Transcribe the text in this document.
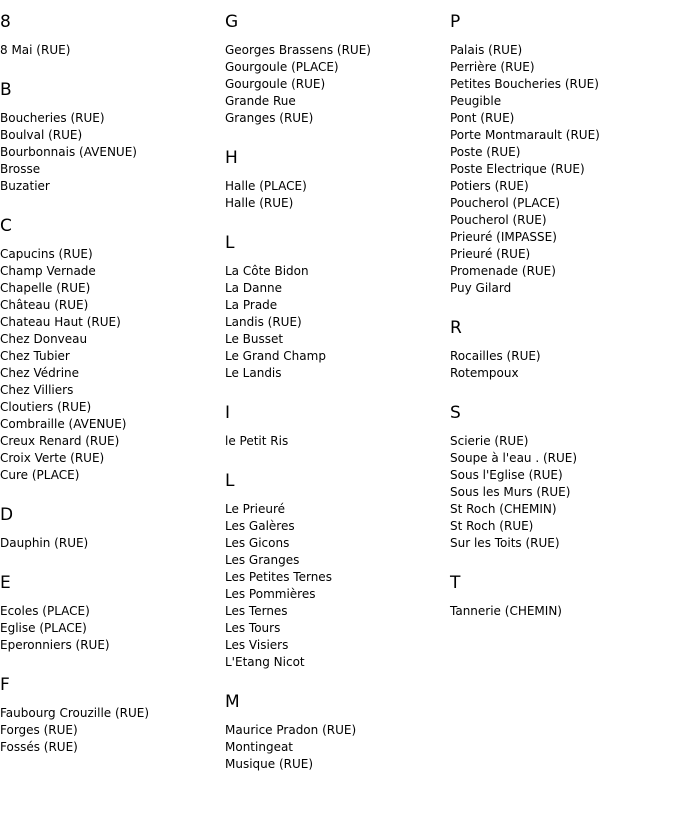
8
8 Mai (RUE)
B
Boucheries (RUE)
Boulval (RUE)
Bourbonnais (AVENUE)
Brosse
Buzatier
C
Capucins (RUE)
Champ Vernade
Chapelle (RUE)
Château (RUE)
Chateau Haut (RUE)
Chez Donveau
Chez Tubier
Chez Védrine
Chez Villiers
Cloutiers (RUE)
Combraille (AVENUE)
Creux Renard (RUE)
Croix Verte (RUE)
Cure (PLACE)
D
Dauphin (RUE)
E
Ecoles (PLACE)
Eglise (PLACE)
Eperonniers (RUE)
F
Faubourg Crouzille (RUE)
Forges (RUE)
Fossés (RUE)
G
Georges Brassens (RUE)
Gourgoule (PLACE)
Gourgoule (RUE)
Grande Rue
Granges (RUE)
H
Halle (PLACE)
Halle (RUE)
L
La Côte Bidon
La Danne
La Prade
Landis (RUE)
Le Busset
Le Grand Champ
Le Landis
I
le Petit Ris
L
Le Prieuré
Les Galères
Les Gicons
Les Granges
Les Petites Ternes
Les Pommières
Les Ternes
Les Tours
Les Visiers
L'Etang Nicot
M
Maurice Pradon (RUE)
Montingeat
Musique (RUE)
P
Palais (RUE)
Perrière (RUE)
Petites Boucheries (RUE)
Peugible
Pont (RUE)
Porte Montmarault (RUE)
Poste (RUE)
Poste Electrique (RUE)
Potiers (RUE)
Poucherol (PLACE)
Poucherol (RUE)
Prieuré (IMPASSE)
Prieuré (RUE)
Promenade (RUE)
Puy Gilard
R
Rocailles (RUE)
Rotempoux
S
Scierie (RUE)
Soupe à l'eau . (RUE)
Sous l'Eglise (RUE)
Sous les Murs (RUE)
St Roch (CHEMIN)
St Roch (RUE)
Sur les Toits (RUE)
T
Tannerie (CHEMIN)
